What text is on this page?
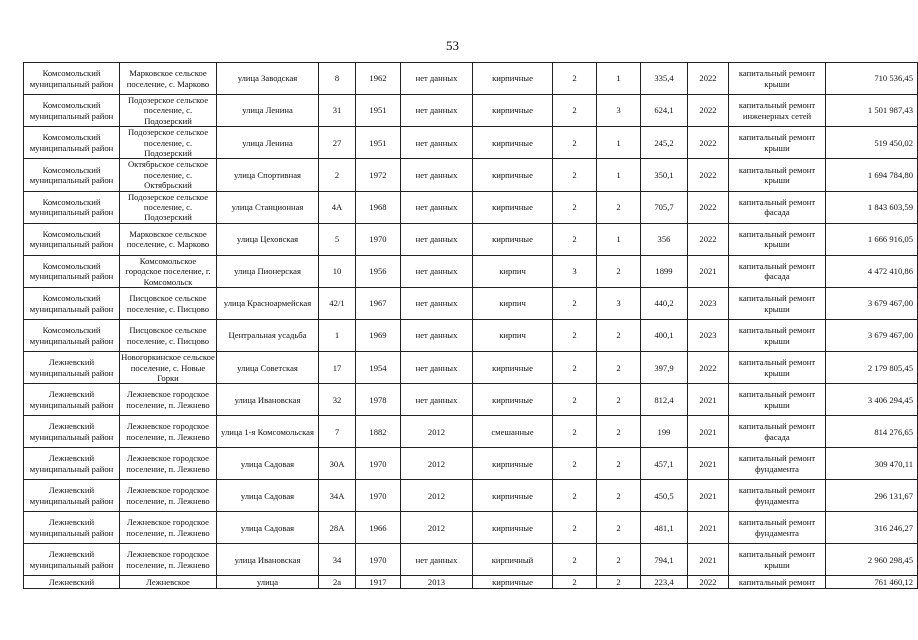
53
Комсомольский муниципальный район	Марковское сельское поселение, с. Марково	улица Заводская	8	1962	нет данных	кирпичные	2	1	335,4	2022	капитальный ремонт крыши	710 536,45
Комсомольский муниципальный район	Подозерское сельское поселение, с. Подозерский	улица Ленина	31	1951	нет данных	кирпичные	2	3	624,1	2022	капитальный ремонт инженерных сетей	1 501 987,43
Комсомольский муниципальный район	Подозерское сельское поселение, с. Подозерский	улица Ленина	27	1951	нет данных	кирпичные	2	1	245,2	2022	капитальный ремонт крыши	519 450,02
Комсомольский муниципальный район	Октябрьское сельское поселение, с. Октябрьский	улица Спортивная	2	1972	нет данных	кирпичные	2	1	350,1	2022	капитальный ремонт крыши	1 694 784,80
Комсомольский муниципальный район	Подозерское сельское поселение, с. Подозерский	улица Станционная	4А	1968	нет данных	кирпичные	2	2	705,7	2022	капитальный ремонт фасада	1 843 603,59
Комсомольский муниципальный район	Марковское сельское поселение, с. Марково	улица Цеховская	5	1970	нет данных	кирпичные	2	1	356	2022	капитальный ремонт крыши	1 666 916,05
Комсомольский муниципальный район	Комсомольское городское поселение, г. Комсомольск	улица Пионерская	10	1956	нет данных	кирпич	3	2	1899	2021	капитальный ремонт фасада	4 472 410,86
Комсомольский муниципальный район	Писцовское сельское поселение, с. Писцово	улица Красноармейская	42/1	1967	нет данных	кирпич	2	3	440,2	2023	капитальный ремонт крыши	3 679 467,00
Комсомольский муниципальный район	Писцовское сельское поселение, с. Писцово	Центральная усадьба	1	1969	нет данных	кирпич	2	2	400,1	2023	капитальный ремонт крыши	3 679 467,00
Лежневский муниципальный район	Новогоркинское сельское поселение, с. Новые Горки	улица Советская	17	1954	нет данных	кирпичные	2	2	397,9	2022	капитальный ремонт крыши	2 179 805,45
Лежневский муниципальный район	Лежневское городское поселение, п. Лежнево	улица Ивановская	32	1978	нет данных	кирпичные	2	2	812,4	2021	капитальный ремонт крыши	3 406 294,45
Лежневский муниципальный район	Лежневское городское поселение, п. Лежнево	улица 1-я Комсомольская	7	1882	2012	смешанные	2	2	199	2021	капитальный ремонт фасада	814 276,65
Лежневский муниципальный район	Лежневское городское поселение, п. Лежнево	улица Садовая	30А	1970	2012	кирпичные	2	2	457,1	2021	капитальный ремонт фундамента	309 470,11
Лежневский муниципальный район	Лежневское городское поселение, п. Лежнево	улица Садовая	34А	1970	2012	кирпичные	2	2	450,5	2021	капитальный ремонт фундамента	296 131,67
Лежневский муниципальный район	Лежневское городское поселение, п. Лежнево	улица Садовая	28А	1966	2012	кирпичные	2	2	481,1	2021	капитальный ремонт фундамента	316 246,27
Лежневский муниципальный район	Лежневское городское поселение, п. Лежнево	улица Ивановская	34	1970	нет данных	кирпичный	2	2	794,1	2021	капитальный ремонт крыши	2 960 298,45
Лежневский	Лежневское	улица	2а	1917	2013	кирпичные	2	2	223,4	2022	капитальный ремонт	761 460,12
